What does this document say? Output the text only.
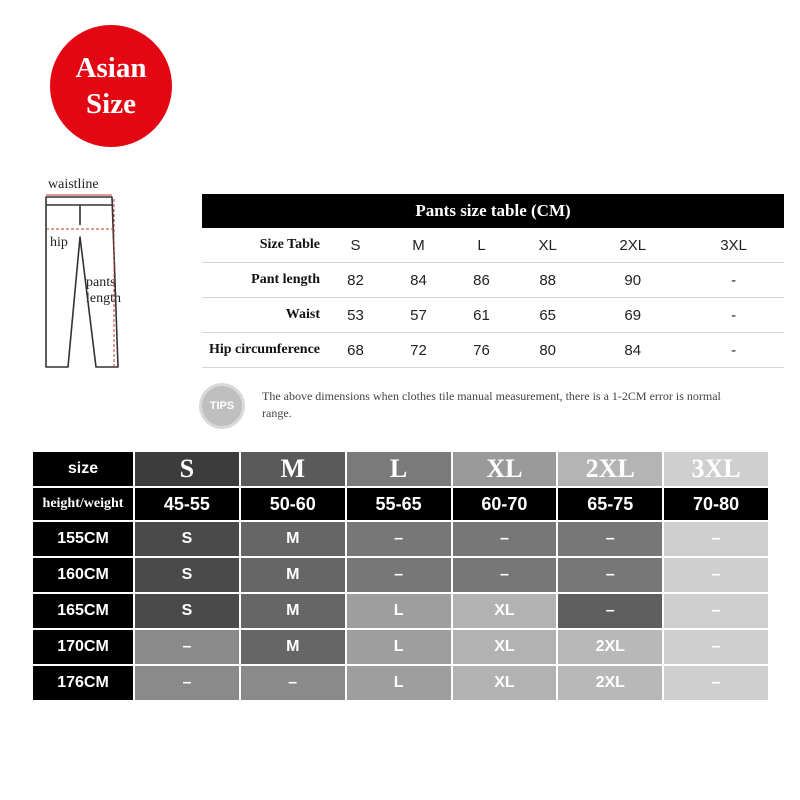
Asian
Size
waistline
hip
pants
length
Pants size table (CM)						
Size Table	S	M	L	XL	2XL	3XL
Pant length	82	84	86	88	90	-
Waist	53	57	61	65	69	-
Hip circumference	68	72	76	80	84	-
TIPS
The above dimensions when clothes tile manual measurement, there is a 1-2CM error is normal range.
size	S	M	L	XL	2XL	3XL
height/weight	45-55	50-60	55-65	60-70	65-75	70-80
155CM	S	M	–	–	–	–
160CM	S	M	–	–	–	–
165CM	S	M	L	XL	–	–
170CM	–	M	L	XL	2XL	–
176CM	–	–	L	XL	2XL	–
